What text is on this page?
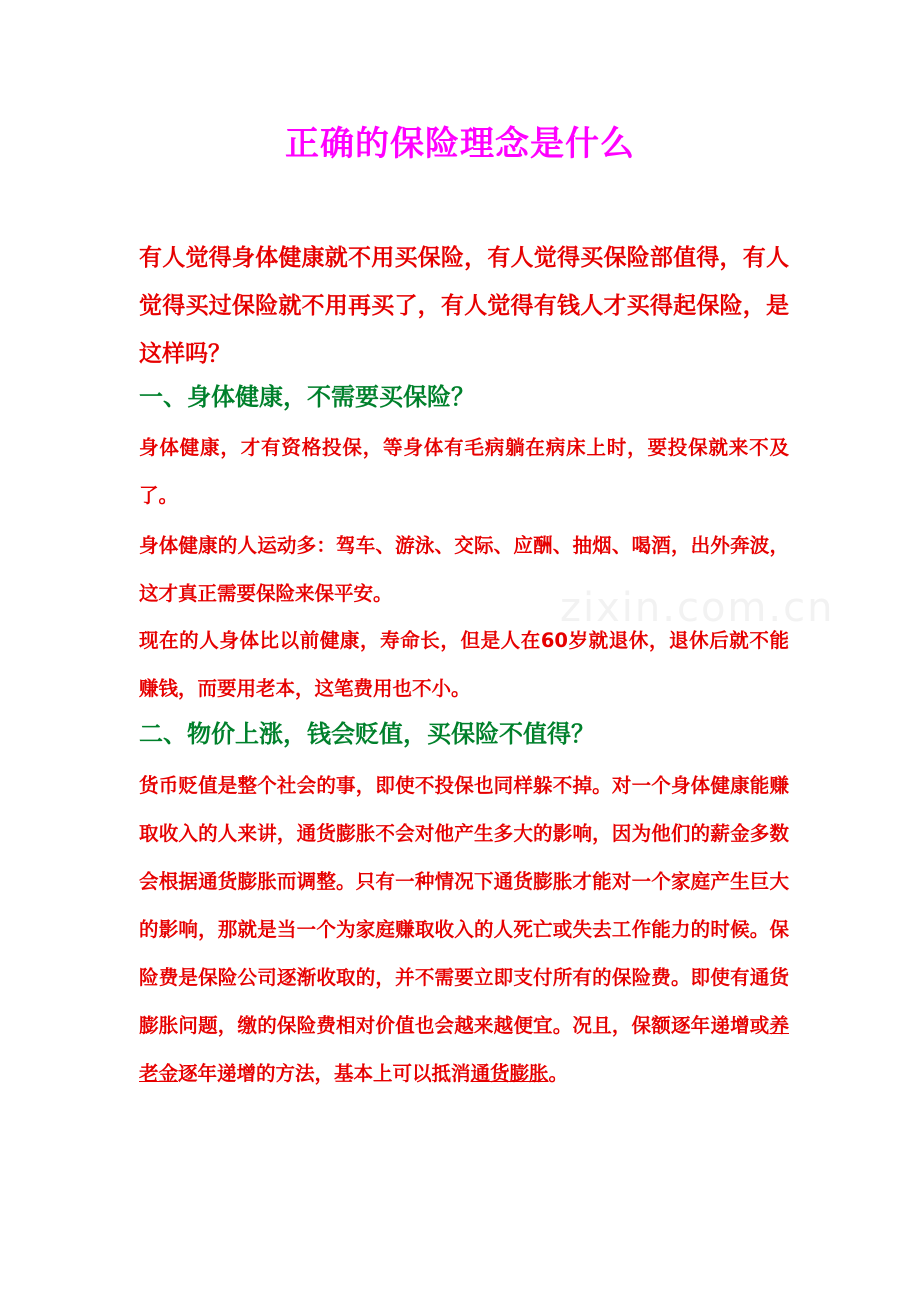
zixin.com.cn
正确的保险理念是什么
有人觉得身体健康就不用买保险，有人觉得买保险部值得，有人觉得买过保险就不用再买了，有人觉得有钱人才买得起保险，是这样吗？
一、身体健康，不需要买保险？
身体健康，才有资格投保，等身体有毛病躺在病床上时，要投保就来不及了。
身体健康的人运动多：驾车、游泳、交际、应酬、抽烟、喝酒，出外奔波，这才真正需要保险来保平安。
现在的人身体比以前健康，寿命长，但是人在60岁就退休，退休后就不能赚钱，而要用老本，这笔费用也不小。
二、物价上涨，钱会贬值，买保险不值得？
货币贬值是整个社会的事，即使不投保也同样躲不掉。对一个身体健康能赚取收入的人来讲，通货膨胀不会对他产生多大的影响，因为他们的薪金多数会根据通货膨胀而调整。只有一种情况下通货膨胀才能对一个家庭产生巨大的影响，那就是当一个为家庭赚取收入的人死亡或失去工作能力的时候。保险费是保险公司逐渐收取的，并不需要立即支付所有的保险费。即使有通货膨胀问题，缴的保险费相对价值也会越来越便宜。况且，保额逐年递增或养老金逐年递增的方法，基本上可以抵消通货膨胀。
